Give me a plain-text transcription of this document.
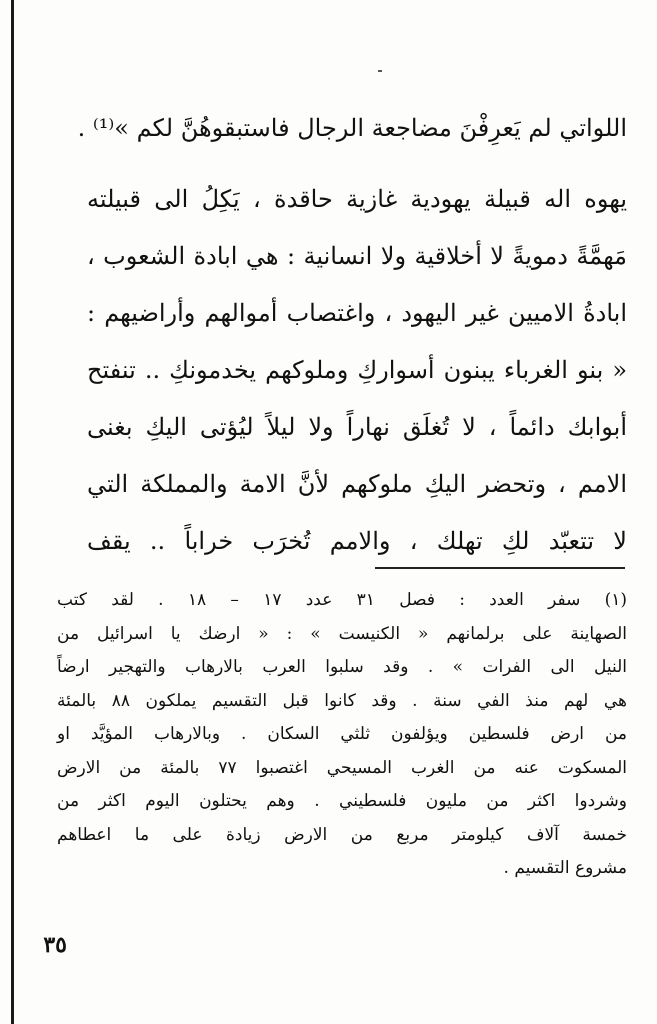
اللواتي لم يَعرِفْنَ مضاجعة الرجال فاستبقوهُنَّ لكم »⁽¹⁾ .
يهوه اله قبيلة يهودية غازية حاقدة ، يَكِلُ الى قبيلته
مَهمَّةً دمويةً لا أخلاقية ولا انسانية : هي ابادة الشعوب ،
ابادةُ الاميين غير اليهود ، واغتصاب أموالهم وأراضيهم :
« بنو الغرباء يبنون أسواركِ وملوكهم يخدمونكِ .. تنفتح
أبوابك دائماً ، لا تُغلَق نهاراً ولا ليلاً ليُؤتى اليكِ بغنى
الامم ، وتحضر اليكِ ملوكهم لأنَّ الامة والمملكة التي
لا تتعبّد لكِ تهلك ، والامم تُخرَب خراباً .. يقف
(١) سفر العدد : فصل ٣١ عدد ١٧ – ١٨ . لقد كتب
الصهاينة على برلمانهم « الكنيست » : « ارضك يا اسرائيل من
النيل الى الفرات » . وقد سلبوا العرب بالارهاب والتهجير ارضاً
هي لهم منذ الفي سنة . وقد كانوا قبل التقسيم يملكون ٨٨ بالمئة
من ارض فلسطين ويؤلفون ثلثي السكان . وبالارهاب المؤيَّد او
المسكوت عنه من الغرب المسيحي اغتصبوا ٧٧ بالمئة من الارض
وشردوا اكثر من مليون فلسطيني . وهم يحتلون اليوم اكثر من
خمسة آلاف كيلومتر مربع من الارض زيادة على ما اعطاهم
مشروع التقسيم .
٣٥
